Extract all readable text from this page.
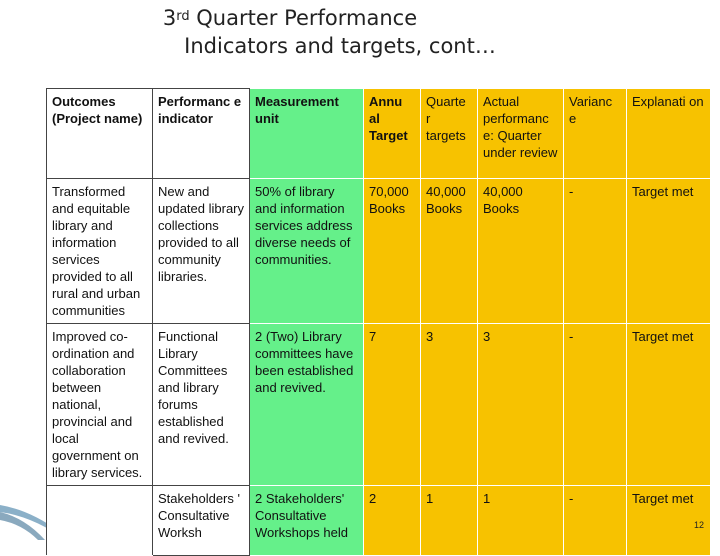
3rd Quarter Performance
Indicators and targets, cont…
Outcomes (Project name)	Performanc e indicator	Measurement unit	Annu al Target	Quarte r targets	Actual performanc e: Quarter under review	Varianc e	Explanati on
Transformed and equitable library and information services provided to all rural and urban communities	New and updated library collections provided to all community libraries.	50% of library and information services address diverse needs of communities.	70,000 Books	40,000 Books	40,000 Books	-	Target met
Improved co-ordination and collaboration between national, provincial and local government on library services.	Functional Library Committees and library forums established and revived.	2 (Two) Library committees have been established and revived.	7	3	3	-	Target met
	Stakeholders ' Consultative Worksh	2 Stakeholders' Consultative Workshops held	2	1	1	-	Target met
12
